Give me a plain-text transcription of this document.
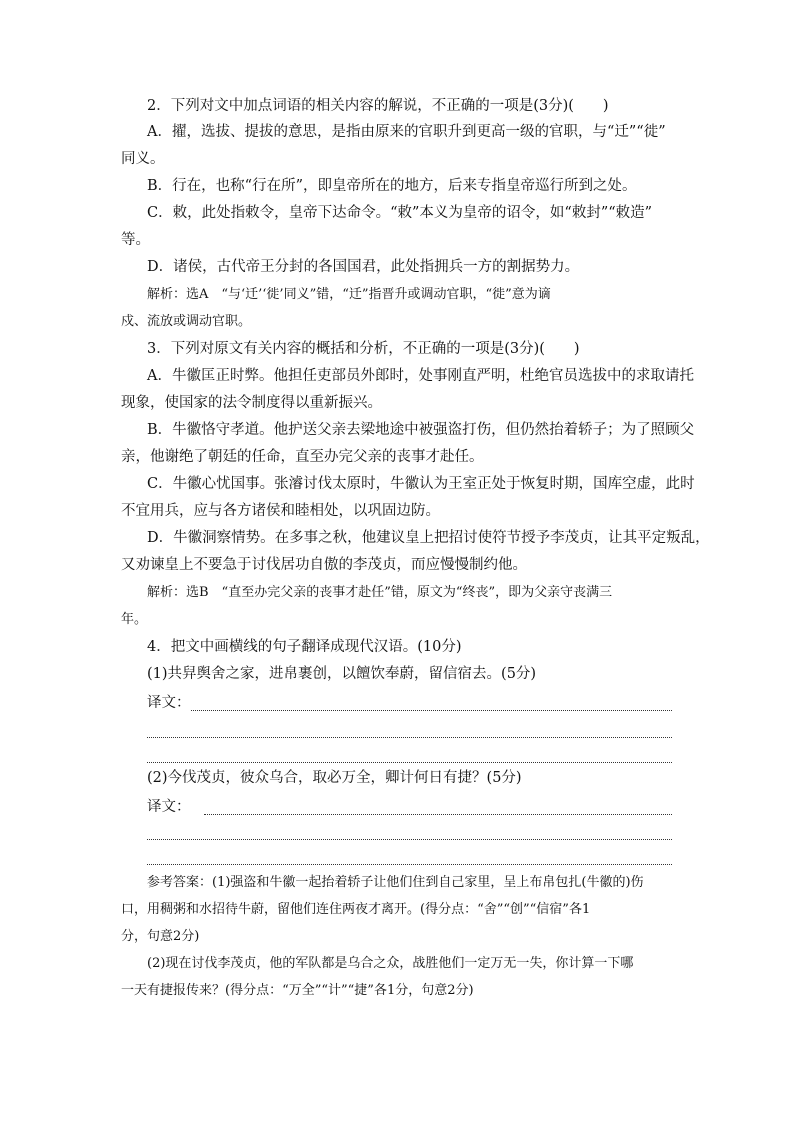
2．下列对文中加点词语的相关内容的解说，不正确的一项是(3分)(　　)
A．擢，选拔、提拔的意思，是指由原来的官职升到更高一级的官职，与“迁”“徙”
同义。
B．行在，也称“行在所”，即皇帝所在的地方，后来专指皇帝巡行所到之处。
C．敕，此处指敕令，皇帝下达命令。“敕”本义为皇帝的诏令，如“敕封”“敕造”
等。
D．诸侯，古代帝王分封的各国国君，此处指拥兵一方的割据势力。
解析：选A　“与‘迁’‘徙’同义”错，“迁”指晋升或调动官职，“徙”意为谪
戍、流放或调动官职。
3．下列对原文有关内容的概括和分析，不正确的一项是(3分)(　　)
A．牛徽匡正时弊。他担任吏部员外郎时，处事刚直严明，杜绝官员选拔中的求取请托
现象，使国家的法令制度得以重新振兴。
B．牛徽恪守孝道。他护送父亲去梁地途中被强盗打伤，但仍然抬着轿子；为了照顾父
亲，他谢绝了朝廷的任命，直至办完父亲的丧事才赴任。
C．牛徽心忧国事。张濬讨伐太原时，牛徽认为王室正处于恢复时期，国库空虚，此时
不宜用兵，应与各方诸侯和睦相处，以巩固边防。
D．牛徽洞察情势。在多事之秋，他建议皇上把招讨使符节授予李茂贞，让其平定叛乱，
又劝谏皇上不要急于讨伐居功自傲的李茂贞，而应慢慢制约他。
解析：选B　“直至办完父亲的丧事才赴任”错，原文为“终丧”，即为父亲守丧满三
年。
4．把文中画横线的句子翻译成现代汉语。(10分)
(1)共舁舆舍之家，进帛裹创，以饘饮奉蔚，留信宿去。(5分)
译文：
(2)今伐茂贞，彼众乌合，取必万全，卿计何日有捷？(5分)
译文：
参考答案：(1)强盗和牛徽一起抬着轿子让他们住到自己家里，呈上布帛包扎(牛徽的)伤
口，用稠粥和水招待牛蔚，留他们连住两夜才离开。(得分点：“舍”“创”“信宿”各1
分，句意2分)
(2)现在讨伐李茂贞，他的军队都是乌合之众，战胜他们一定万无一失，你计算一下哪
一天有捷报传来？(得分点：“万全”“计”“捷”各1分，句意2分)
